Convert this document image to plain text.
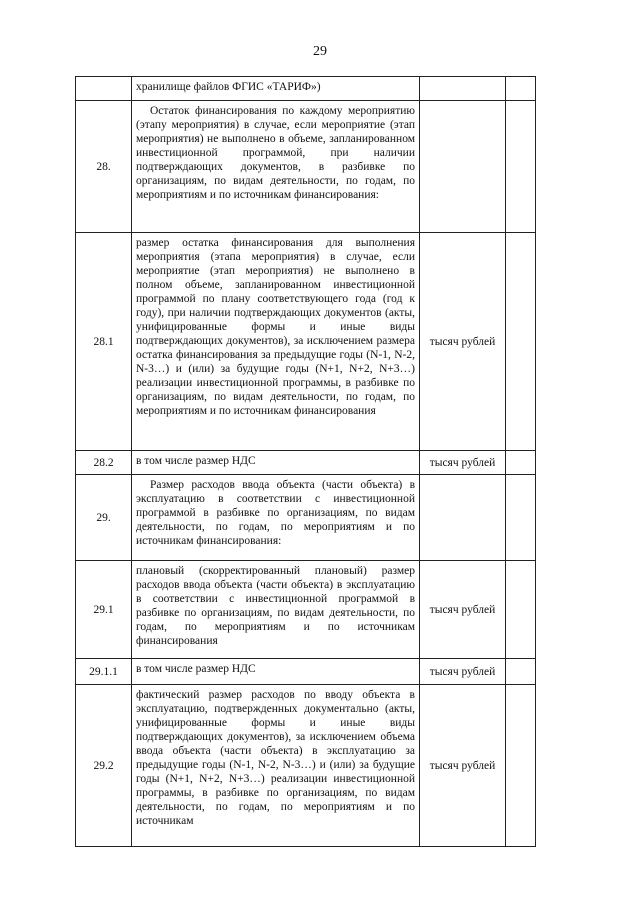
29
	хранилище файлов ФГИС «ТАРИФ»)		
28.	Остаток финансирования по каждому мероприятию (этапу мероприятия) в случае, если мероприятие (этап мероприятия) не выполнено в объеме, запланированном инвестиционной программой, при наличии подтверждающих документов, в разбивке по организациям, по видам деятельности, по годам, по мероприятиям и по источникам финансирования:		
28.1	размер остатка финансирования для выполнения мероприятия (этапа мероприятия) в случае, если мероприятие (этап мероприятия) не выполнено в полном объеме, запланированном инвестиционной программой по плану соответствующего года (год к году), при наличии подтверждающих документов (акты, унифицированные формы и иные виды подтверждающих документов), за исключением размера остатка финансирования за предыдущие годы (N-1, N-2, N-3…) и (или) за будущие годы (N+1, N+2, N+3…) реализации инвестиционной программы, в разбивке по организациям, по видам деятельности, по годам, по мероприятиям и по источникам финансирования	тысяч рублей	
28.2	в том числе размер НДС	тысяч рублей	
29.	Размер расходов ввода объекта (части объекта) в эксплуатацию в соответствии с инвестиционной программой в разбивке по организациям, по видам деятельности, по годам, по мероприятиям и по источникам финансирования:		
29.1	плановый (скорректированный плановый) размер расходов ввода объекта (части объекта) в эксплуатацию в соответствии с инвестиционной программой в разбивке по организациям, по видам деятельности, по годам, по мероприятиям и по источникам финансирования	тысяч рублей	
29.1.1	в том числе размер НДС	тысяч рублей	
29.2	фактический размер расходов по вводу объекта в эксплуатацию, подтвержденных документально (акты, унифицированные формы и иные виды подтверждающих документов), за исключением объема ввода объекта (части объекта) в эксплуатацию за предыдущие годы (N-1, N-2, N-3…) и (или) за будущие годы (N+1, N+2, N+3…) реализации инвестиционной программы, в разбивке по организациям, по видам деятельности, по годам, по мероприятиям и по источникам	тысяч рублей	
